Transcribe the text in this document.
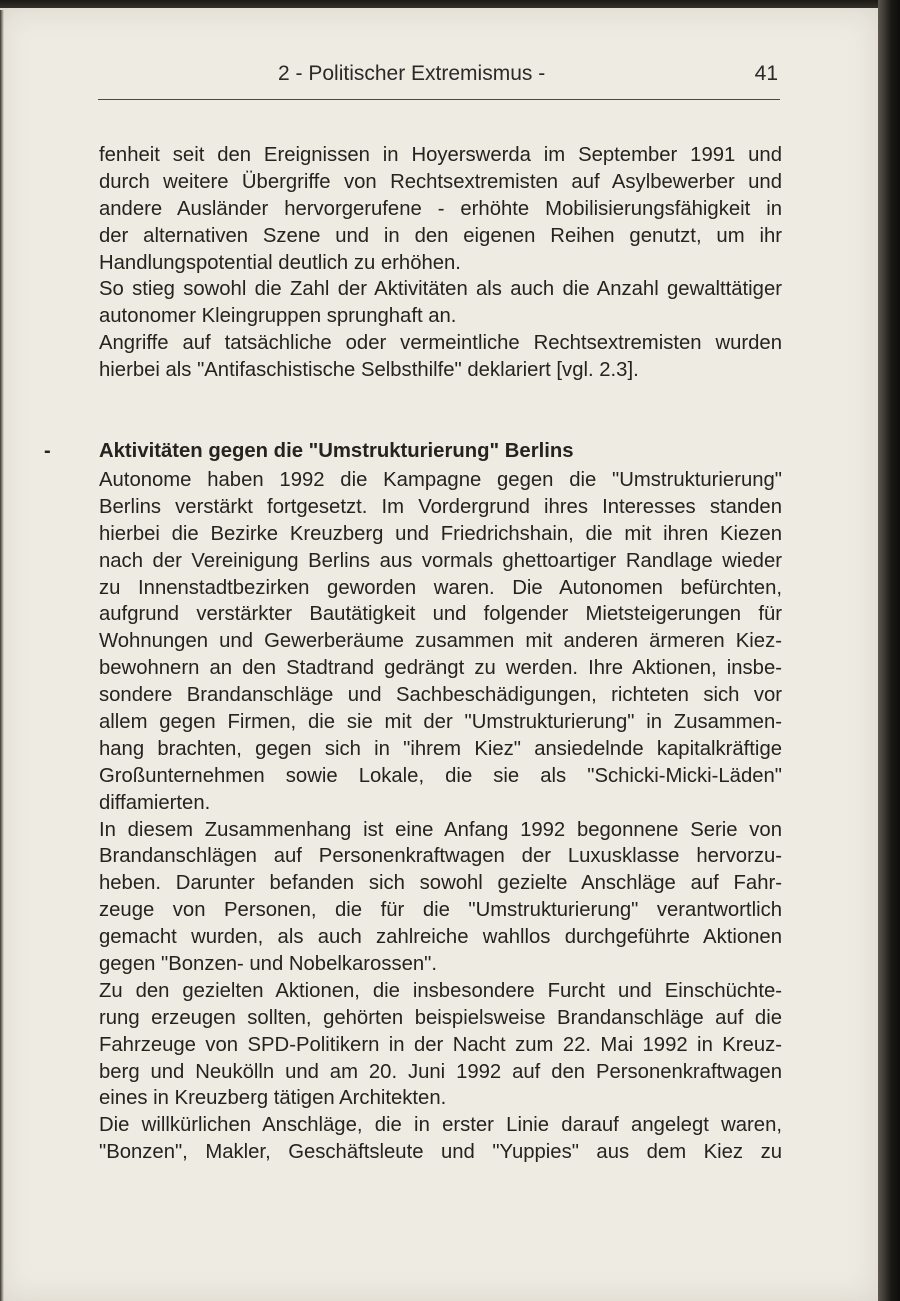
2 - Politischer Extremismus -	41
fenheit seit den Ereignissen in Hoyerswerda im September 1991 und
durch weitere Übergriffe von Rechtsextremisten auf Asylbewerber und
andere Ausländer hervorgerufene - erhöhte Mobilisierungsfähigkeit in
der alternativen Szene und in den eigenen Reihen genutzt, um ihr
Handlungspotential deutlich zu erhöhen.
So stieg sowohl die Zahl der Aktivitäten als auch die Anzahl gewalttätiger
autonomer Kleingruppen sprunghaft an.
Angriffe auf tatsächliche oder vermeintliche Rechtsextremisten wurden
hierbei als "Antifaschistische Selbsthilfe" deklariert [vgl. 2.3].
- Aktivitäten gegen die "Umstrukturierung" Berlins
Autonome haben 1992 die Kampagne gegen die "Umstrukturierung"
Berlins verstärkt fortgesetzt. Im Vordergrund ihres Interesses standen
hierbei die Bezirke Kreuzberg und Friedrichshain, die mit ihren Kiezen
nach der Vereinigung Berlins aus vormals ghettoartiger Randlage wieder
zu Innenstadtbezirken geworden waren. Die Autonomen befürchten,
aufgrund verstärkter Bautätigkeit und folgender Mietsteigerungen für
Wohnungen und Gewerberäume zusammen mit anderen ärmeren Kiez-
bewohnern an den Stadtrand gedrängt zu werden. Ihre Aktionen, insbe-
sondere Brandanschläge und Sachbeschädigungen, richteten sich vor
allem gegen Firmen, die sie mit der "Umstrukturierung" in Zusammen-
hang brachten, gegen sich in "ihrem Kiez" ansiedelnde kapitalkräftige
Großunternehmen sowie Lokale, die sie als "Schicki-Micki-Läden"
diffamierten.
In diesem Zusammenhang ist eine Anfang 1992 begonnene Serie von
Brandanschlägen auf Personenkraftwagen der Luxusklasse hervorzu-
heben. Darunter befanden sich sowohl gezielte Anschläge auf Fahr-
zeuge von Personen, die für die "Umstrukturierung" verantwortlich
gemacht wurden, als auch zahlreiche wahllos durchgeführte Aktionen
gegen "Bonzen- und Nobelkarossen".
Zu den gezielten Aktionen, die insbesondere Furcht und Einschüchte-
rung erzeugen sollten, gehörten beispielsweise Brandanschläge auf die
Fahrzeuge von SPD-Politikern in der Nacht zum 22. Mai 1992 in Kreuz-
berg und Neukölln und am 20. Juni 1992 auf den Personenkraftwagen
eines in Kreuzberg tätigen Architekten.
Die willkürlichen Anschläge, die in erster Linie darauf angelegt waren,
"Bonzen", Makler, Geschäftsleute und "Yuppies" aus dem Kiez zu
